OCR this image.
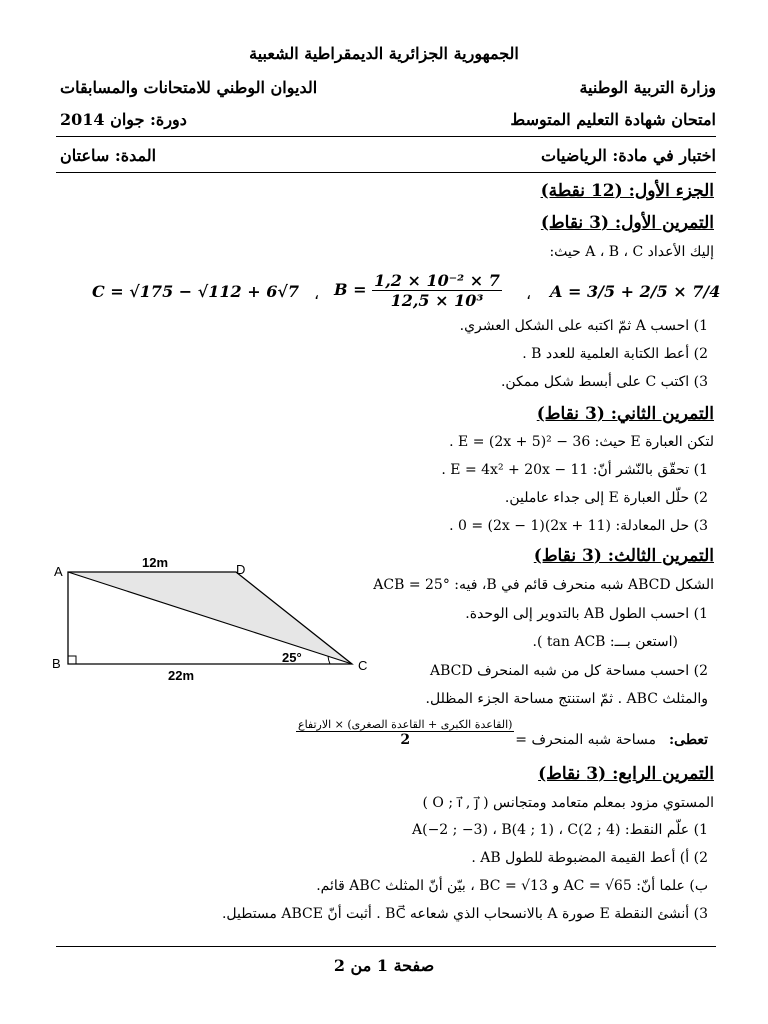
الجمهورية الجزائرية الديمقراطية الشعبية
وزارة التربية الوطنية
الديوان الوطني للامتحانات والمسابقات
امتحان شهادة التعليم المتوسط
دورة: جوان 2014
اختبار في مادة: الرياضيات
المدة: ساعتان
الجزء الأول: (12 نقطة)
التمرين الأول: (3 نقاط)
إليك الأعداد A ، B ، C حيث:
C = √175 − √112 + 6√7 ، $B = \frac{\text{1,2 × 10⁻² × 7}}{\text{12,5 × 10³}}$ ، A = 3/5 + 2/5 × 7/4
1) احسب A ثمّ اكتبه على الشكل العشري.
2) أعط الكتابة العلمية للعدد B .
3) اكتب C على أبسط شكل ممكن.
التمرين الثاني: (3 نقاط)
لتكن العبارة E حيث: E = (2x + 5)² − 36 .
1) تحقّق بالنّشر أنّ: E = 4x² + 20x − 11 .
2) حلّل العبارة E إلى جداء عاملين.
3) حل المعادلة: (2x + 11)(2x − 1) = 0 .
التمرين الثالث: (3 نقاط)
الشكل ABCD شبه منحرف قائم في B، فيه: ACB = 25°
1) احسب الطول AB بالتدوير إلى الوحدة.
(استعن بـــ: tan ACB ).
2) احسب مساحة كل من شبه المنحرف ABCD
والمثلث ABC . ثمّ استنتج مساحة الجزء المظلل.
A
B	C
D
12m
22m
25°
تعطى:
مساحة شبه المنحرف =
$\frac{\text{(القاعدة الكبرى + القاعدة الصغرى) × الارتفاع}}{2}$
التمرين الرابع: (3 نقاط)
المستوي مزود بمعلم متعامد ومتجانس ( O ; i⃗ , j⃗ )
1) علّم النقط: A(−2 ; −3) ، B(4 ; 1) ، C(2 ; 4)
2) أ) أعط القيمة المضبوطة للطول AB .
ب) علما أنّ: AC = √65 و BC = √13 ، بيّن أنّ المثلث ABC قائم.
3) أنشئ النقطة E صورة A بالانسحاب الذي شعاعه BC⃗ . أثبت أنّ ABCE مستطيل.
صفحة 1 من 2
